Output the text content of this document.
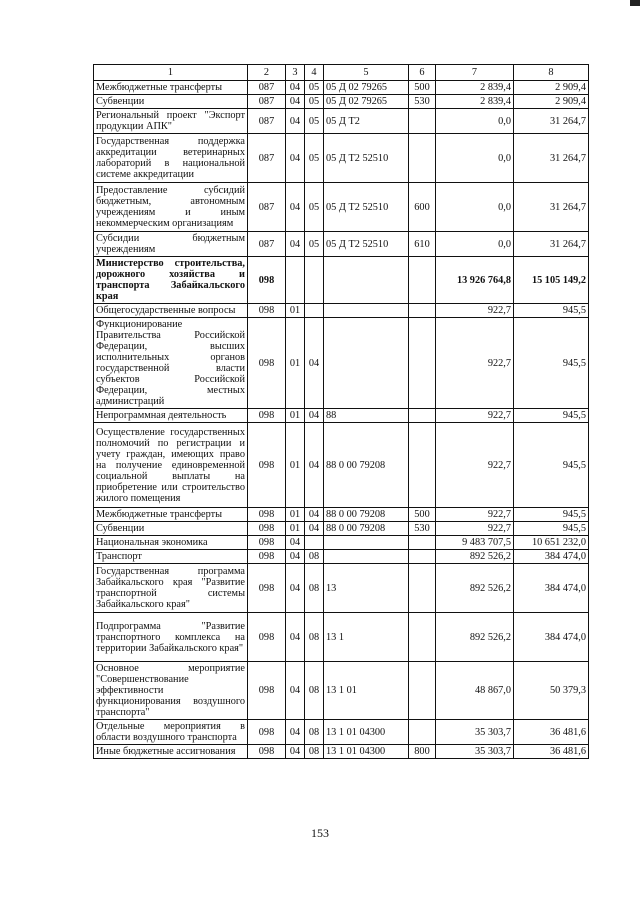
1	2	3	4	5	6	7	8
Межбюджетные трансферты	087	04	05	05 Д 02 79265	500	2 839,4	2 909,4
Субвенции	087	04	05	05 Д 02 79265	530	2 839,4	2 909,4
Региональный проект "Экспорт продукции АПК"	087	04	05	05 Д Т2		0,0	31 264,7
Государственная поддержка аккредитации ветеринарных лабораторий в национальной системе аккредитации	087	04	05	05 Д Т2 52510		0,0	31 264,7
Предоставление субсидий бюджетным, автономным учреждениям и иным некоммерческим организациям	087	04	05	05 Д Т2 52510	600	0,0	31 264,7
Субсидии бюджетным учреждениям	087	04	05	05 Д Т2 52510	610	0,0	31 264,7
Министерство строительства, дорожного хозяйства и транспорта Забайкальского края	098					13 926 764,8	15 105 149,2
Общегосударственные вопросы	098	01				922,7	945,5
Функционирование Правительства Российской Федерации, высших исполнительных органов государственной власти субъектов Российской Федерации, местных администраций	098	01	04			922,7	945,5
Непрограммная деятельность	098	01	04	88		922,7	945,5
Осуществление государственных полномочий по регистрации и учету граждан, имеющих право на получение единовременной социальной выплаты на приобретение или строительство жилого помещения	098	01	04	88 0 00 79208		922,7	945,5
Межбюджетные трансферты	098	01	04	88 0 00 79208	500	922,7	945,5
Субвенции	098	01	04	88 0 00 79208	530	922,7	945,5
Национальная экономика	098	04				9 483 707,5	10 651 232,0
Транспорт	098	04	08			892 526,2	384 474,0
Государственная программа Забайкальского края "Развитие транспортной системы Забайкальского края"	098	04	08	13		892 526,2	384 474,0
Подпрограмма "Развитие транспортного комплекса на территории Забайкальского края"	098	04	08	13 1		892 526,2	384 474,0
Основное мероприятие "Совершенствование эффективности функционирования воздушного транспорта"	098	04	08	13 1 01		48 867,0	50 379,3
Отдельные мероприятия в области воздушного транспорта	098	04	08	13 1 01 04300		35 303,7	36 481,6
Иные бюджетные ассигнования	098	04	08	13 1 01 04300	800	35 303,7	36 481,6
153
